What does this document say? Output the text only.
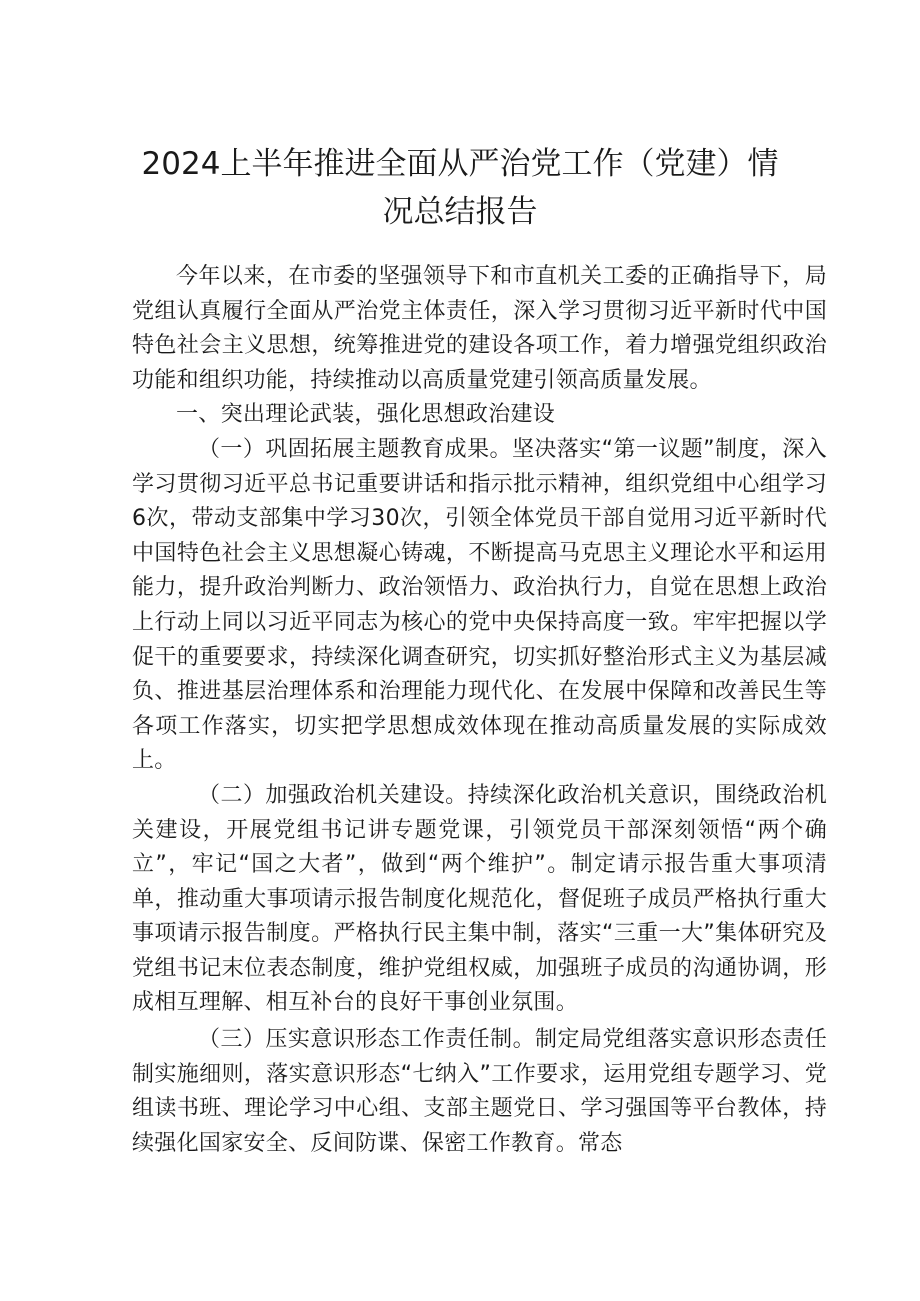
2024上半年推进全面从严治党工作（党建）情况总结报告

今年以来，在市委的坚强领导下和市直机关工委的正确指导下，局党组认真履行全面从严治党主体责任，深入学习贯彻习近平新时代中国特色社会主义思想，统筹推进党的建设各项工作，着力增强党组织政治功能和组织功能，持续推动以高质量党建引领高质量发展。

一、突出理论武装，强化思想政治建设

（一）巩固拓展主题教育成果。坚决落实“第一议题”制度，深入学习贯彻习近平总书记重要讲话和指示批示精神，组织党组中心组学习6次，带动支部集中学习30次，引领全体党员干部自觉用习近平新时代中国特色社会主义思想凝心铸魂，不断提高马克思主义理论水平和运用能力，提升政治判断力、政治领悟力、政治执行力，自觉在思想上政治上行动上同以习近平同志为核心的党中央保持高度一致。牢牢把握以学促干的重要要求，持续深化调查研究，切实抓好整治形式主义为基层减负、推进基层治理体系和治理能力现代化、在发展中保障和改善民生等各项工作落实，切实把学思想成效体现在推动高质量发展的实际成效上。

（二）加强政治机关建设。持续深化政治机关意识，围绕政治机关建设，开展党组书记讲专题党课，引领党员干部深刻领悟“两个确立”，牢记“国之大者”，做到“两个维护”。制定请示报告重大事项清单，推动重大事项请示报告制度化规范化，督促班子成员严格执行重大事项请示报告制度。严格执行民主集中制，落实“三重一大”集体研究及党组书记末位表态制度，维护党组权威，加强班子成员的沟通协调，形成相互理解、相互补台的良好干事创业氛围。

（三）压实意识形态工作责任制。制定局党组落实意识形态责任制实施细则，落实意识形态“七纳入”工作要求，运用党组专题学习、党组读书班、理论学习中心组、支部主题党日、学习强国等平台教体，持续强化国家安全、反间防谍、保密工作教育。常态
